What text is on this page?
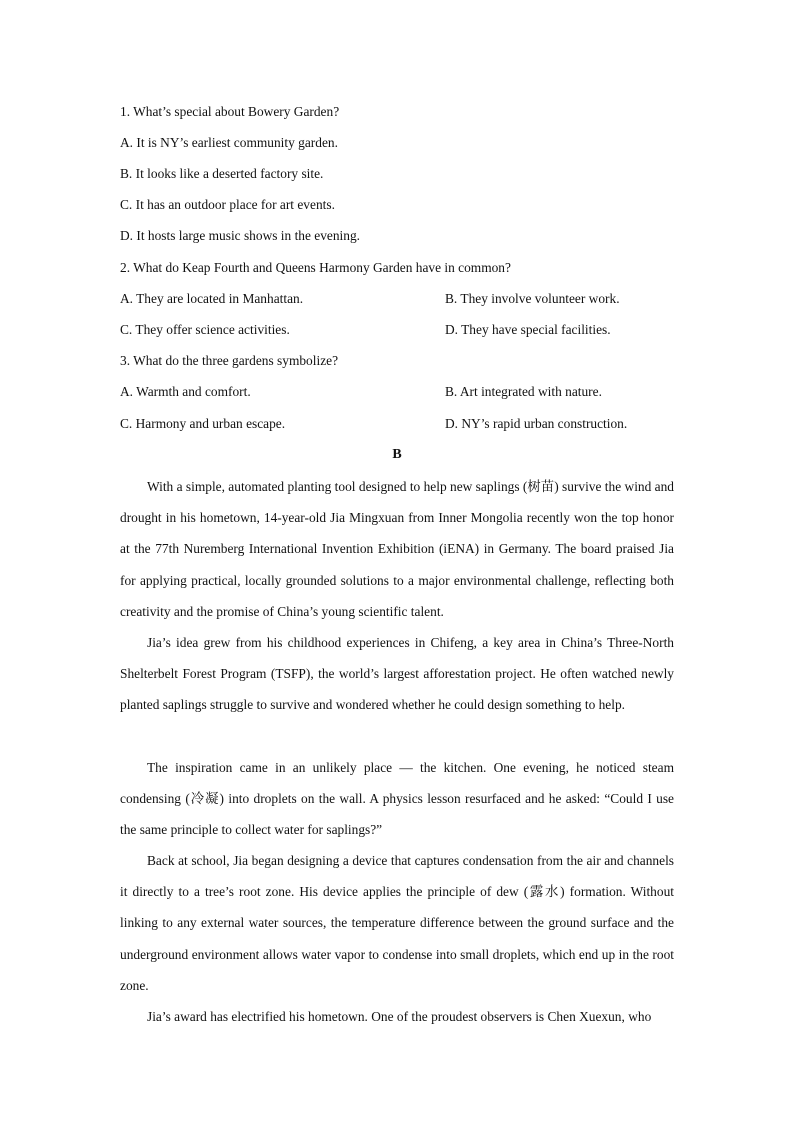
1. What’s special about Bowery Garden?
A. It is NY’s earliest community garden.
B. It looks like a deserted factory site.
C. It has an outdoor place for art events.
D. It hosts large music shows in the evening.
2. What do Keap Fourth and Queens Harmony Garden have in common?
A. They are located in Manhattan.	B. They involve volunteer work.
C. They offer science activities.	D. They have special facilities.
3. What do the three gardens symbolize?
A. Warmth and comfort.	B. Art integrated with nature.
C. Harmony and urban escape.	D. NY’s rapid urban construction.
B

With a simple, automated planting tool designed to help new saplings (树苗) survive the wind and drought in his hometown, 14-year-old Jia Mingxuan from Inner Mongolia recently won the top honor at the 77th Nuremberg International Invention Exhibition (iENA) in Germany. The board praised Jia for applying practical, locally grounded solutions to a major environmental challenge, reflecting both creativity and the promise of China’s young scientific talent.

Jia’s idea grew from his childhood experiences in Chifeng, a key area in China’s Three-North Shelterbelt Forest Program (TSFP), the world’s largest afforestation project. He often watched newly planted saplings struggle to survive and wondered whether he could design something to help.

The inspiration came in an unlikely place — the kitchen. One evening, he noticed steam condensing (冷凝) into droplets on the wall. A physics lesson resurfaced and he asked: “Could I use the same principle to collect water for saplings?”

Back at school, Jia began designing a device that captures condensation from the air and channels it directly to a tree’s root zone. His device applies the principle of dew (露水) formation. Without linking to any external water sources, the temperature difference between the ground surface and the underground environment allows water vapor to condense into small droplets, which end up in the root zone.

Jia’s award has electrified his hometown. One of the proudest observers is Chen Xuexun, who
